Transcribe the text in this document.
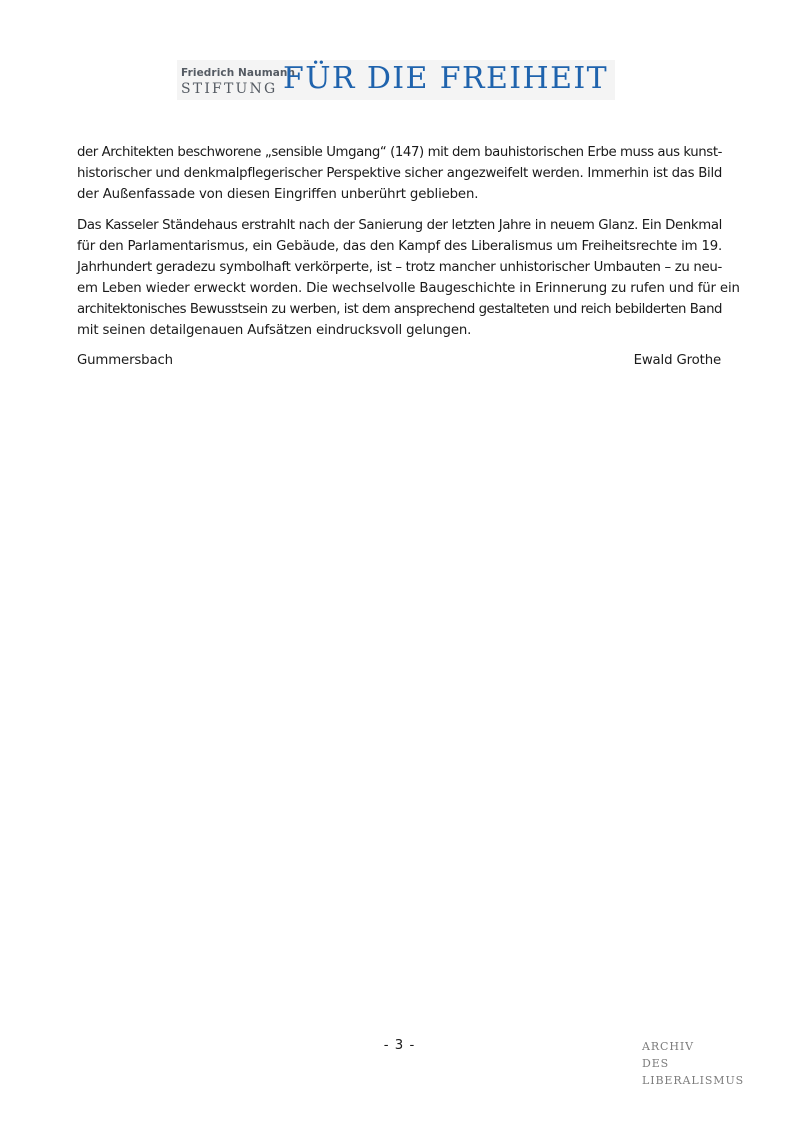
Friedrich Naumann
STIFTUNG FÜR DIE FREIHEIT

der Architekten beschworene „sensible Umgang“ (147) mit dem bauhistorischen Erbe muss aus kunst-
historischer und denkmalpflegerischer Perspektive sicher angezweifelt werden. Immerhin ist das Bild
der Außenfassade von diesen Eingriffen unberührt geblieben.

Das Kasseler Ständehaus erstrahlt nach der Sanierung der letzten Jahre in neuem Glanz. Ein Denkmal
für den Parlamentarismus, ein Gebäude, das den Kampf des Liberalismus um Freiheitsrechte im 19.
Jahrhundert geradezu symbolhaft verkörperte, ist – trotz mancher unhistorischer Umbauten – zu neu-
em Leben wieder erweckt worden. Die wechselvolle Baugeschichte in Erinnerung zu rufen und für ein
architektonisches Bewusstsein zu werben, ist dem ansprechend gestalteten und reich bebilderten Band
mit seinen detailgenauen Aufsätzen eindrucksvoll gelungen.

Gummersbach	Ewald Grothe
- 3 -	ARCHIV
DES
LIBERALISMUS
